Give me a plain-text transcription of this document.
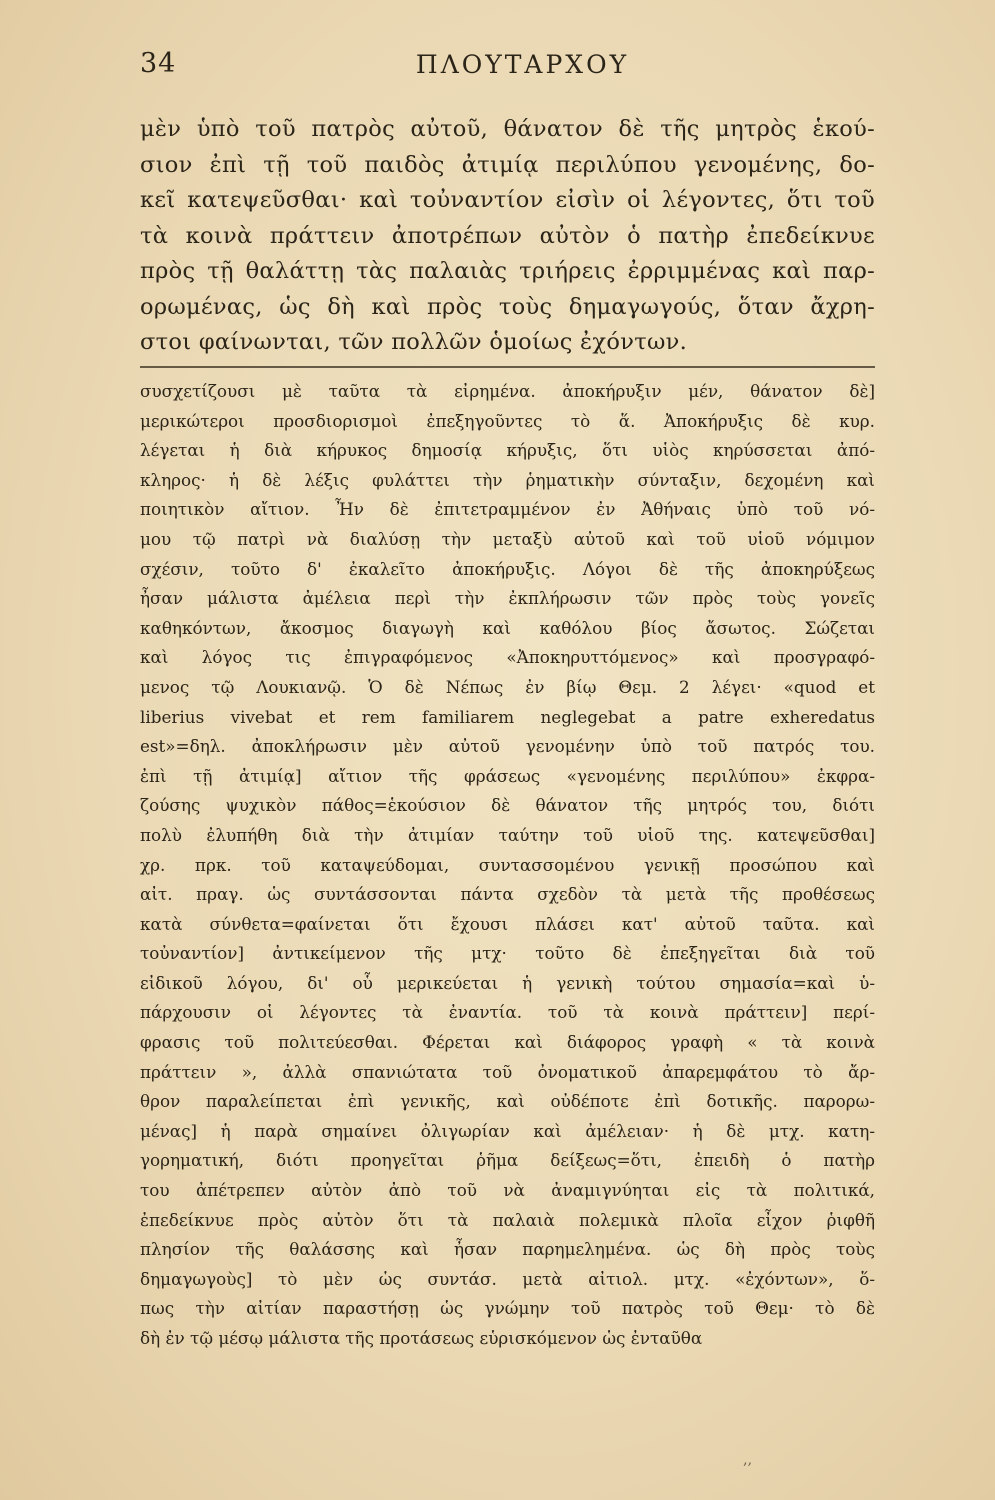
34	ΠΛΟΥΤΑΡΧΟΥ
μὲν ὑπὸ τοῦ πατρὸς αὐτοῦ, θάνατον δὲ τῆς μητρὸς ἑκού-
σιον ἐπὶ τῇ τοῦ παιδὸς ἀτιμίᾳ περιλύπου γενομένης, δο-
κεῖ κατεψεῦσθαι· καὶ τοὐναντίον εἰσὶν οἱ λέγοντες, ὅτι τοῦ
τὰ κοινὰ πράττειν ἀποτρέπων αὐτὸν ὁ πατὴρ ἐπεδείκνυε
πρὸς τῇ θαλάττῃ τὰς παλαιὰς τριήρεις ἐρριμμένας καὶ παρ-
ορωμένας, ὡς δὴ καὶ πρὸς τοὺς δημαγωγούς, ὅταν ἄχρη-
στοι φαίνωνται, τῶν πολλῶν ὁμοίως ἐχόντων.
συσχετίζουσι μὲ ταῦτα τὰ εἰρημένα. ἀποκήρυξιν μέν, θάνατον δὲ]
μερικώτεροι προσδιορισμοὶ ἐπεξηγοῦντες τὸ ἅ. Ἀποκήρυξις δὲ κυρ.
λέγεται ἡ διὰ κήρυκος δημοσίᾳ κήρυξις, ὅτι υἱὸς κηρύσσεται ἀπό-
κληρος· ἡ δὲ λέξις φυλάττει τὴν ῥηματικὴν σύνταξιν, δεχομένη καὶ
ποιητικὸν αἴτιον. Ἦν δὲ ἐπιτετραμμένον ἐν Ἀθήναις ὑπὸ τοῦ νό-
μου τῷ πατρὶ νὰ διαλύσῃ τὴν μεταξὺ αὐτοῦ καὶ τοῦ υἱοῦ νόμιμον
σχέσιν, τοῦτο δ' ἐκαλεῖτο ἀποκήρυξις. Λόγοι δὲ τῆς ἀποκηρύξεως
ἦσαν μάλιστα ἀμέλεια περὶ τὴν ἐκπλήρωσιν τῶν πρὸς τοὺς γονεῖς
καθηκόντων, ἄκοσμος διαγωγὴ καὶ καθόλου βίος ἄσωτος. Σώζεται
καὶ λόγος τις ἐπιγραφόμενος «Ἀποκηρυττόμενος» καὶ προσγραφό-
μενος τῷ Λουκιανῷ. Ὁ δὲ Νέπως ἐν βίῳ Θεμ. 2 λέγει· «quod et
liberius vivebat et rem familiarem neglegebat a patre exheredatus
est»=δηλ. ἀποκλήρωσιν μὲν αὐτοῦ γενομένην ὑπὸ τοῦ πατρός του.
ἐπὶ τῇ ἀτιμίᾳ] αἴτιον τῆς φράσεως «γενομένης περιλύπου» ἐκφρα-
ζούσης ψυχικὸν πάθος=ἑκούσιον δὲ θάνατον τῆς μητρός του, διότι
πολὺ ἐλυπήθη διὰ τὴν ἀτιμίαν ταύτην τοῦ υἱοῦ της. κατεψεῦσθαι]
χρ. πρκ. τοῦ καταψεύδομαι, συντασσομένου γενικῇ προσώπου καὶ
αἰτ. πραγ. ὡς συντάσσονται πάντα σχεδὸν τὰ μετὰ τῆς προθέσεως
κατὰ σύνθετα=φαίνεται ὅτι ἔχουσι πλάσει κατ' αὐτοῦ ταῦτα. καὶ
τοὐναντίον] ἀντικείμενον τῆς μτχ· τοῦτο δὲ ἐπεξηγεῖται διὰ τοῦ
εἰδικοῦ λόγου, δι' οὗ μερικεύεται ἡ γενικὴ τούτου σημασία=καὶ ὑ-
πάρχουσιν οἱ λέγοντες τὰ ἐναντία. τοῦ τὰ κοινὰ πράττειν] περί-
φρασις τοῦ πολιτεύεσθαι. Φέρεται καὶ διάφορος γραφὴ « τὰ κοινὰ
πράττειν », ἀλλὰ σπανιώτατα τοῦ ὀνοματικοῦ ἀπαρεμφάτου τὸ ἄρ-
θρον παραλείπεται ἐπὶ γενικῆς, καὶ οὐδέποτε ἐπὶ δοτικῆς. παρορω-
μένας] ἡ παρὰ σημαίνει ὀλιγωρίαν καὶ ἀμέλειαν· ἡ δὲ μτχ. κατη-
γορηματική, διότι προηγεῖται ῥῆμα δείξεως=ὅτι, ἐπειδὴ ὁ πατὴρ
του ἀπέτρεπεν αὐτὸν ἀπὸ τοῦ νὰ ἀναμιγνύηται εἰς τὰ πολιτικά,
ἐπεδείκνυε πρὸς αὐτὸν ὅτι τὰ παλαιὰ πολεμικὰ πλοῖα εἶχον ῥιφθῆ
πλησίον τῆς θαλάσσης καὶ ἦσαν παρημελημένα. ὡς δὴ πρὸς τοὺς
δημαγωγοὺς] τὸ μὲν ὡς συντάσ. μετὰ αἰτιολ. μτχ. «ἐχόντων», ὅ-
πως τὴν αἰτίαν παραστήσῃ ὡς γνώμην τοῦ πατρὸς τοῦ Θεμ· τὸ δὲ
δὴ ἐν τῷ μέσῳ μάλιστα τῆς προτάσεως εὑρισκόμενον ὡς ἐνταῦθα
‚‚
